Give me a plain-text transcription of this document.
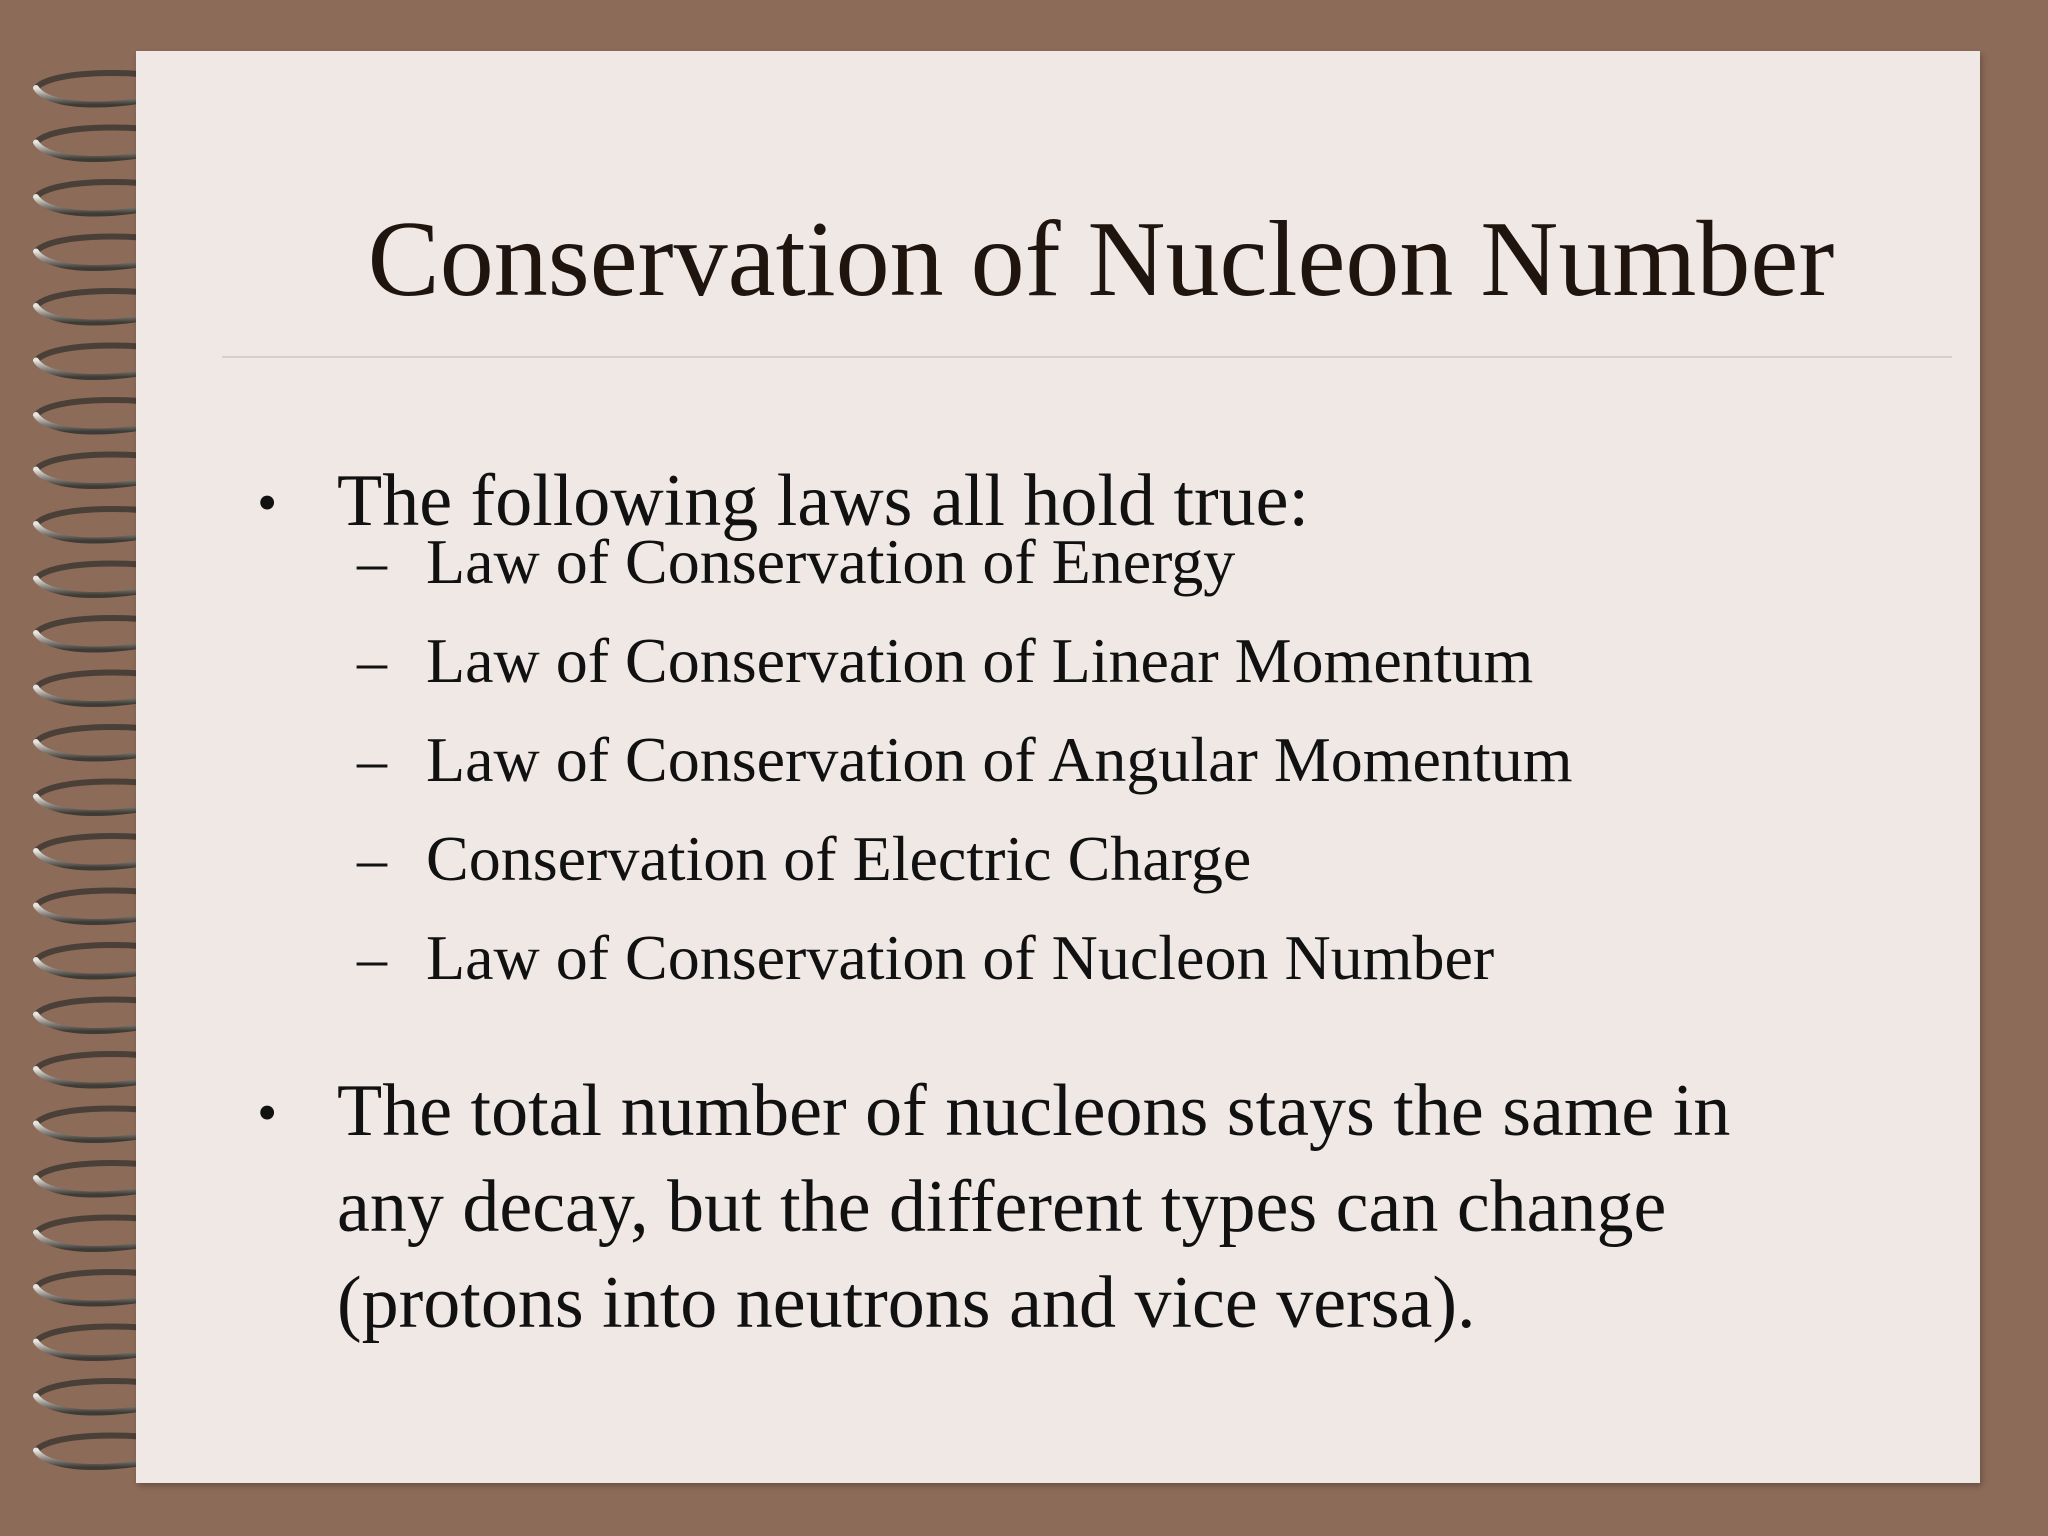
Conservation of Nucleon Number
• The following laws all hold true:
– Law of Conservation of Energy
– Law of Conservation of Linear Momentum
– Law of Conservation of Angular Momentum
– Conservation of Electric Charge
– Law of Conservation of Nucleon Number
• The total number of nucleons stays the same in
any decay, but the different types can change
(protons into neutrons and vice versa).
